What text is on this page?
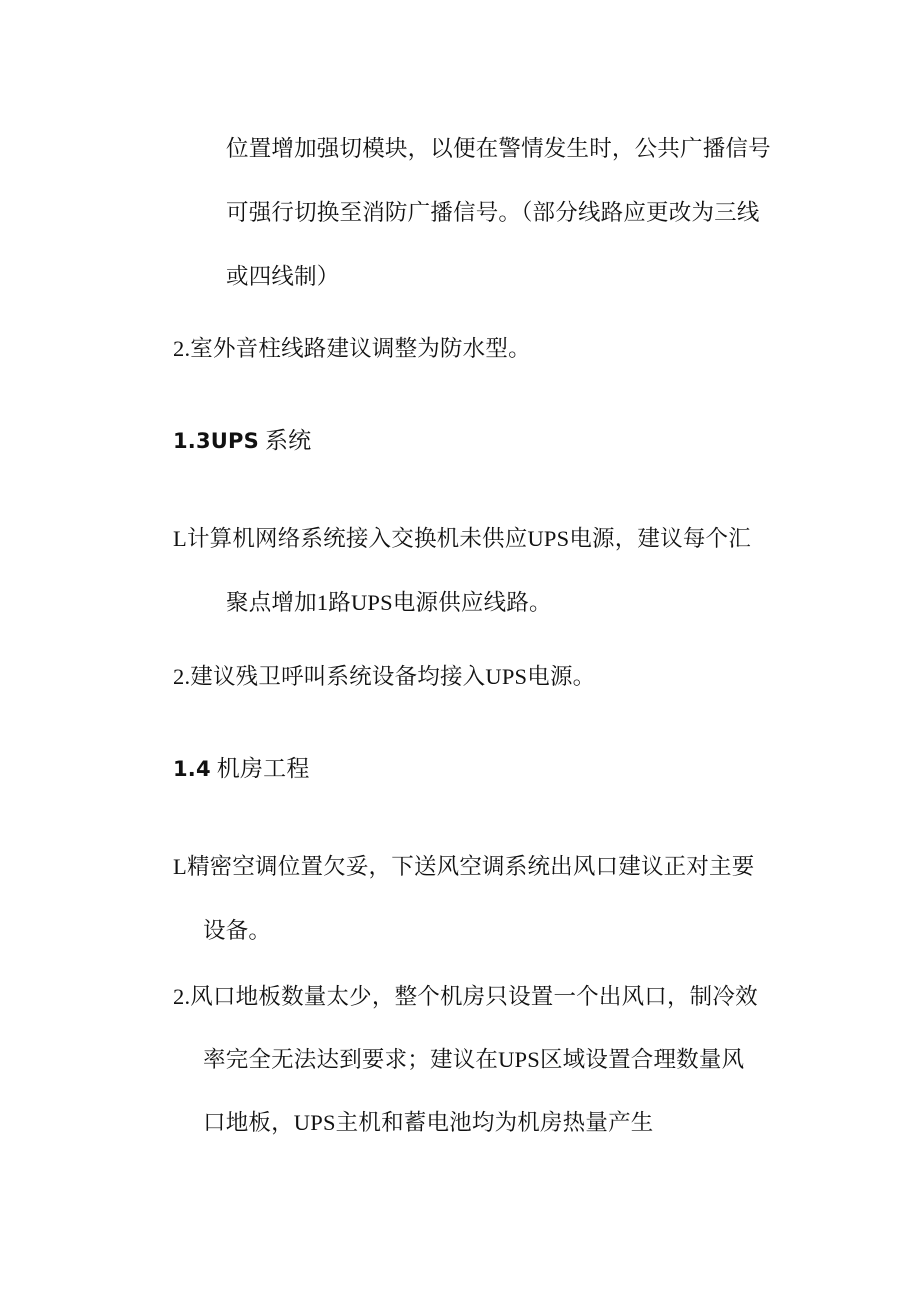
位置增加强切模块，以便在警情发生时，公共广播信号
可强行切换至消防广播信号。（部分线路应更改为三线
或四线制）
2.室外音柱线路建议调整为防水型。
1.3UPS 系统
L计算机网络系统接入交换机未供应UPS电源，建议每个汇
聚点增加1路UPS电源供应线路。
2.建议残卫呼叫系统设备均接入UPS电源。
1.4 机房工程
L精密空调位置欠妥，下送风空调系统出风口建议正对主要
设备。
2.风口地板数量太少，整个机房只设置一个出风口，制冷效
率完全无法达到要求；建议在UPS区域设置合理数量风
口地板，UPS主机和蓄电池均为机房热量产生
